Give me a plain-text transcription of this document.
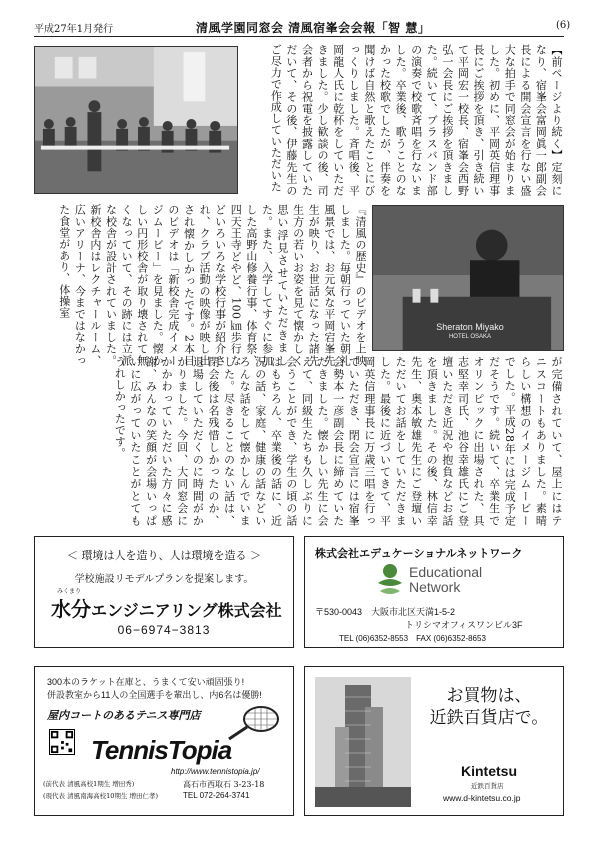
平成27年1月発行	清風学園同窓会 清風宿峯会会報「智 慧」	(6)
【前ページより続く】定刻になり、宿峯会富岡眞一郎副会長による開会宣言を行ない盛大な拍手で同窓会が始まりました。初めに、平岡英信理事長にご挨拶を頂き、引き続いて平岡宏一校長、宿峯会西野弘一会長にご挨拶を頂きました。続いて、ブラスバンド部の演奏で校歌斉唱を行ないました。卒業後、歌うことのなかった校歌でしたが、伴奏を聞けば自然と歌えたことにびっくりしました。斉唱後、平岡龍人氏に乾杯をしていただきました。少し歓談の後、司会者から祝電を披露していただいて、その後、伊藤先生のご尽力で作成していただいた
Sheraton Miyako
HOTEL OSAKA
『清風の歴史』のビデオを上映しました。毎朝行っていた朝礼風景では、お元気な平岡宕峯先生が映り、お世話になった諸先生方の若いお姿を見て懐かしく思い浮見させていただきました。また、入学してすぐに参加した高野山修養行事、体育祭、四天王寺どやど、100㎞歩行などいろいろな学校行事が紹介され、クラブ活動の映像が映し出され懐かしかったです。2本目のビデオは「新校舎完成イメージムービー」を見ました。懐かしい円形校舎が取り壊されて無くなっていて、その跡には立派な校舎が設計されていました。新校舎内はレクチャールーム、広いアリーナ、今まではなかった食堂があり、体操室
が完備されていて、屋上にはテニスコートもありました。素晴らしい構想のイメージムービーでした。平成28年には完成予定だそうです。続いて、卒業生でオリンピックに出場された、具志堅幸司氏、池谷幸雄氏にご登壇いただき近況や抱負などお話を頂きました。その後、林信幸先生、奥本敏雄先生にご登壇いただいてお話をしていただきました。最後に近づいてきて、平岡英信理事長に万歳三唱を行っていただき、閉会宣言には宿峯会勢本一彦副会長に締めていただきました。懐かしい先生に会えて、同級生たちも久しぶりに会うことができ、学生の頃の話はもちろん、卒業後の話に、近況の話、家庭、健康の話などいろんな話をして懐かしんでいました。尽きることのない話は、閉会後は名残惜しかったのか、退場していただくのに時間がかかりました。今回、大同窓会にかかわっていただいた方々に感謝、みんなの笑顔が会場いっぱいに広がっていたことがとてもうれしかったです。
＜ 環境は人を造り、人は環境を造る ＞
学校施設リモデルプランを提案します。
みくまり
水分エンジニアリング株式会社
06−6974−3813
株式会社エデュケーショナルネットワーク
Educational
Network
〒530-0043　大阪市北区天満1-5-2
トリシマオフィスワンビル3F
TEL (06)6352-8553　FAX (06)6352-8653
300本のラケット在庫と、うまくて安い頑固張り!
併設教室から11人の全国選手を輩出し、内6名は優勝!
屋内コートのあるテニス専門店
TennisTopia
http://www.tennistopia.jp/
高石市西取石 3-23-18
TEL 072-264-3741
(前代表 清風高校1期生 増田秀)
(現代表 清風南海高校10期生 増田仁孝)
お買物は、
近鉄百貨店で。
Kintetsu
近鉄百貨店
www.d-kintetsu.co.jp
